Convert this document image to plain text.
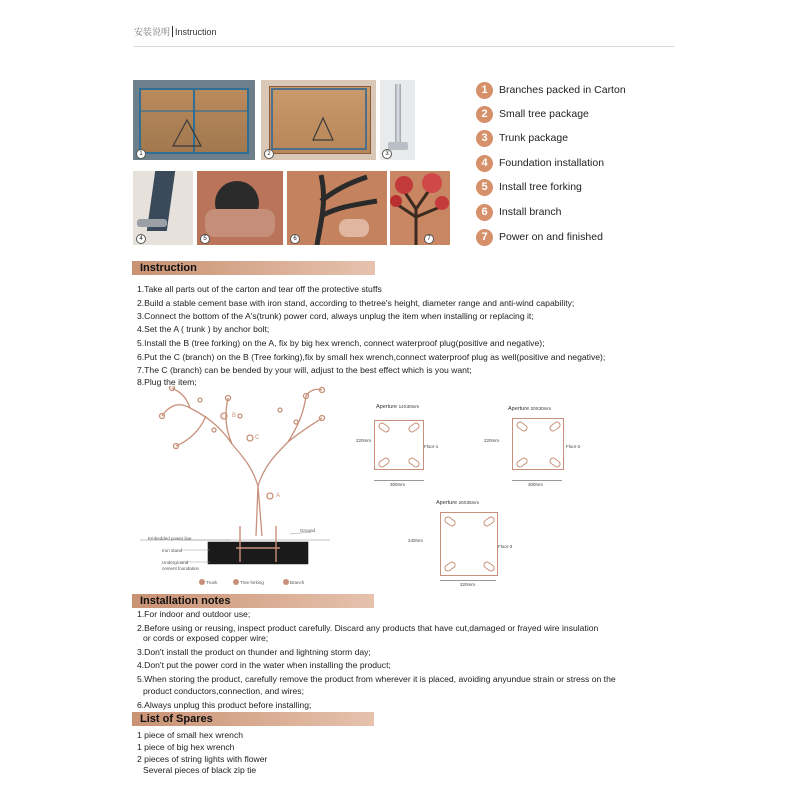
安装说明 Instruction
1	2	3
4	5	6	7
1	Branches packed in Carton
2	Small tree package
3	Trunk package
4	Foundation installation
5	Install tree forking
6	Install branch
7	Power on and finished
Instruction
1.Take all parts out of the carton and tear off the protective stuffs
2.Build a stable cement base with iron stand, according to thetree's height, diameter range and anti-wind capability;
3.Connect the bottom of the A's(trunk) power cord, always unplug the item when installing or replacing it;
4.Set the A ( trunk ) by anchor bolt;
5.Install the B (tree forking) on the A, fix by big hex wrench, connect waterproof plug(positive and negative);
6.Put the C (branch) on the B (Tree forking),fix by small hex wrench,connect waterproof plug as well(positive and negative);
7.The C (branch) can be bended by your will, adjust to the best effect which is you want;
8.Plug the item;
C
A
B
Ground
Embedded power line
Iron stand
Underground
cement foundation
Trunk	Tree forking	Branch
Aperture 14X30mm
220mm
Floor-1
300mm
Aperture 20X30mm
220mm
Floor-2
300mm
Aperture 20X35mm
240mm
Floor-3
320mm
Installation notes
1.For indoor and outdoor use;
2.Before using or reusing, inspect product carefully. Discard any products that have cut,damaged or frayed wire insulation
or cords or exposed copper wire;
3.Don't install the product on thunder and lightning storm day;
4.Don't put the power cord in the water when installing the product;
5.When storing the product, carefully remove the product from wherever it is placed, avoiding anyundue strain or stress on the
product conductors,connection, and wires;
6.Always unplug this product before installing;
List of Spares
1 piece of small hex wrench
1 piece of big hex wrench
2 pieces of string lights with flower
Several pieces of black zip tie
